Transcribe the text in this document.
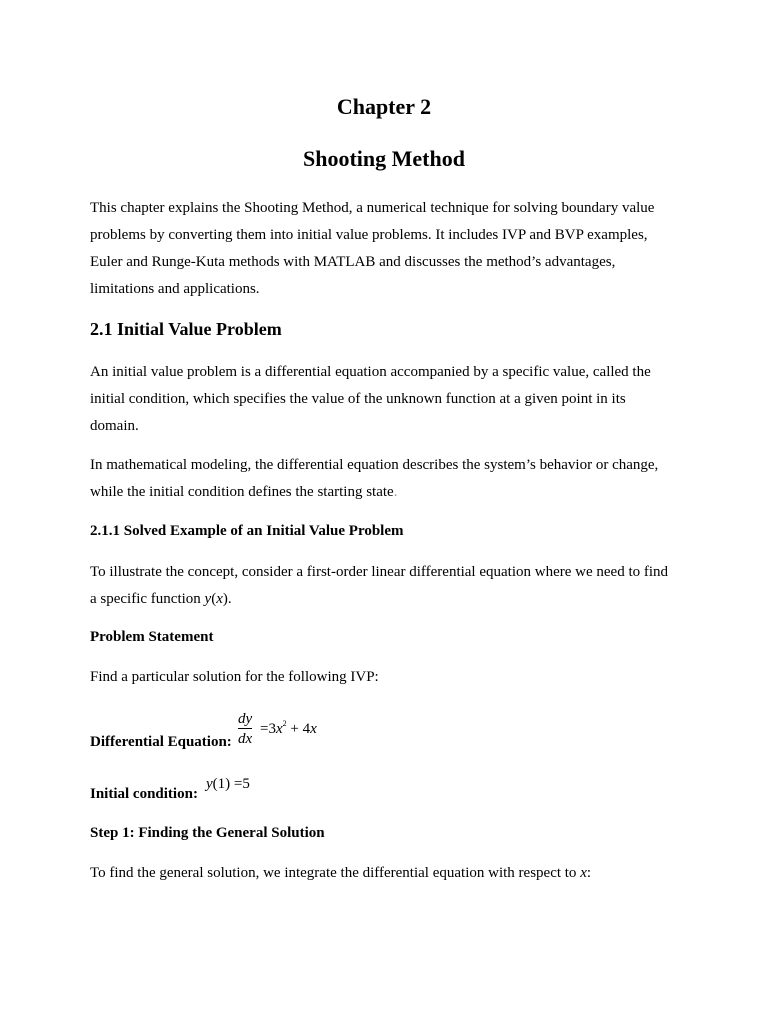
Chapter 2
Shooting Method
This chapter explains the Shooting Method, a numerical technique for solving boundary value
problems by converting them into initial value problems. It includes IVP and BVP examples,
Euler and Runge-Kuta methods with MATLAB and discusses the method’s advantages,
limitations and applications.
2.1 Initial Value Problem
An initial value problem is a differential equation accompanied by a specific value, called the
initial condition, which specifies the value of the unknown function at a given point in its
domain.
In mathematical modeling, the differential equation describes the system’s behavior or change,
while the initial condition defines the starting state.
2.1.1 Solved Example of an Initial Value Problem
To illustrate the concept, consider a first-order linear differential equation where we need to find
a specific function y(x).
Problem Statement
Find a particular solution for the following IVP:
Differential Equation:
dy
dx
$=3x^2 + 4x$
Initial condition:
y(1) =5
Step 1: Finding the General Solution
To find the general solution, we integrate the differential equation with respect to x:
